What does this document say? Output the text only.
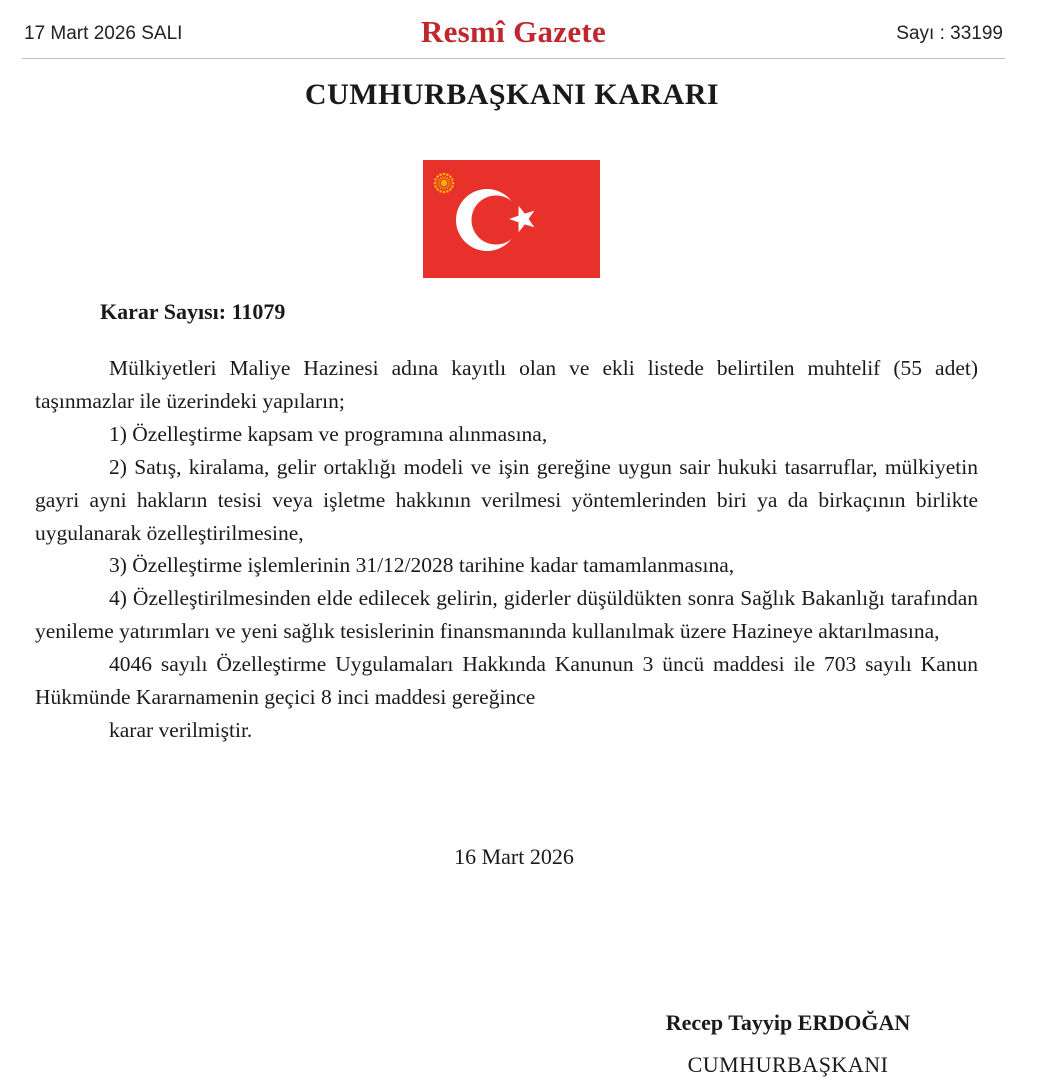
17 Mart 2026 SALI	Resmî Gazete	Sayı : 33199
CUMHURBAŞKANI KARARI
Karar Sayısı: 11079

Mülkiyetleri Maliye Hazinesi adına kayıtlı olan ve ekli listede belirtilen muhtelif (55 adet) taşınmazlar ile üzerindeki yapıların;

1) Özelleştirme kapsam ve programına alınmasına,

2) Satış, kiralama, gelir ortaklığı modeli ve işin gereğine uygun sair hukuki tasarruflar, mülkiyetin gayri ayni hakların tesisi veya işletme hakkının verilmesi yöntemlerinden biri ya da birkaçının birlikte uygulanarak özelleştirilmesine,

3) Özelleştirme işlemlerinin 31/12/2028 tarihine kadar tamamlanmasına,

4) Özelleştirilmesinden elde edilecek gelirin, giderler düşüldükten sonra Sağlık Bakanlığı tarafından yenileme yatırımları ve yeni sağlık tesislerinin finansmanında kullanılmak üzere Hazineye aktarılmasına,

4046 sayılı Özelleştirme Uygulamaları Hakkında Kanunun 3 üncü maddesi ile 703 sayılı Kanun Hükmünde Kararnamenin geçici 8 inci maddesi gereğince

karar verilmiştir.

16 Mart 2026
Recep Tayyip ERDOĞAN
CUMHURBAŞKANI
